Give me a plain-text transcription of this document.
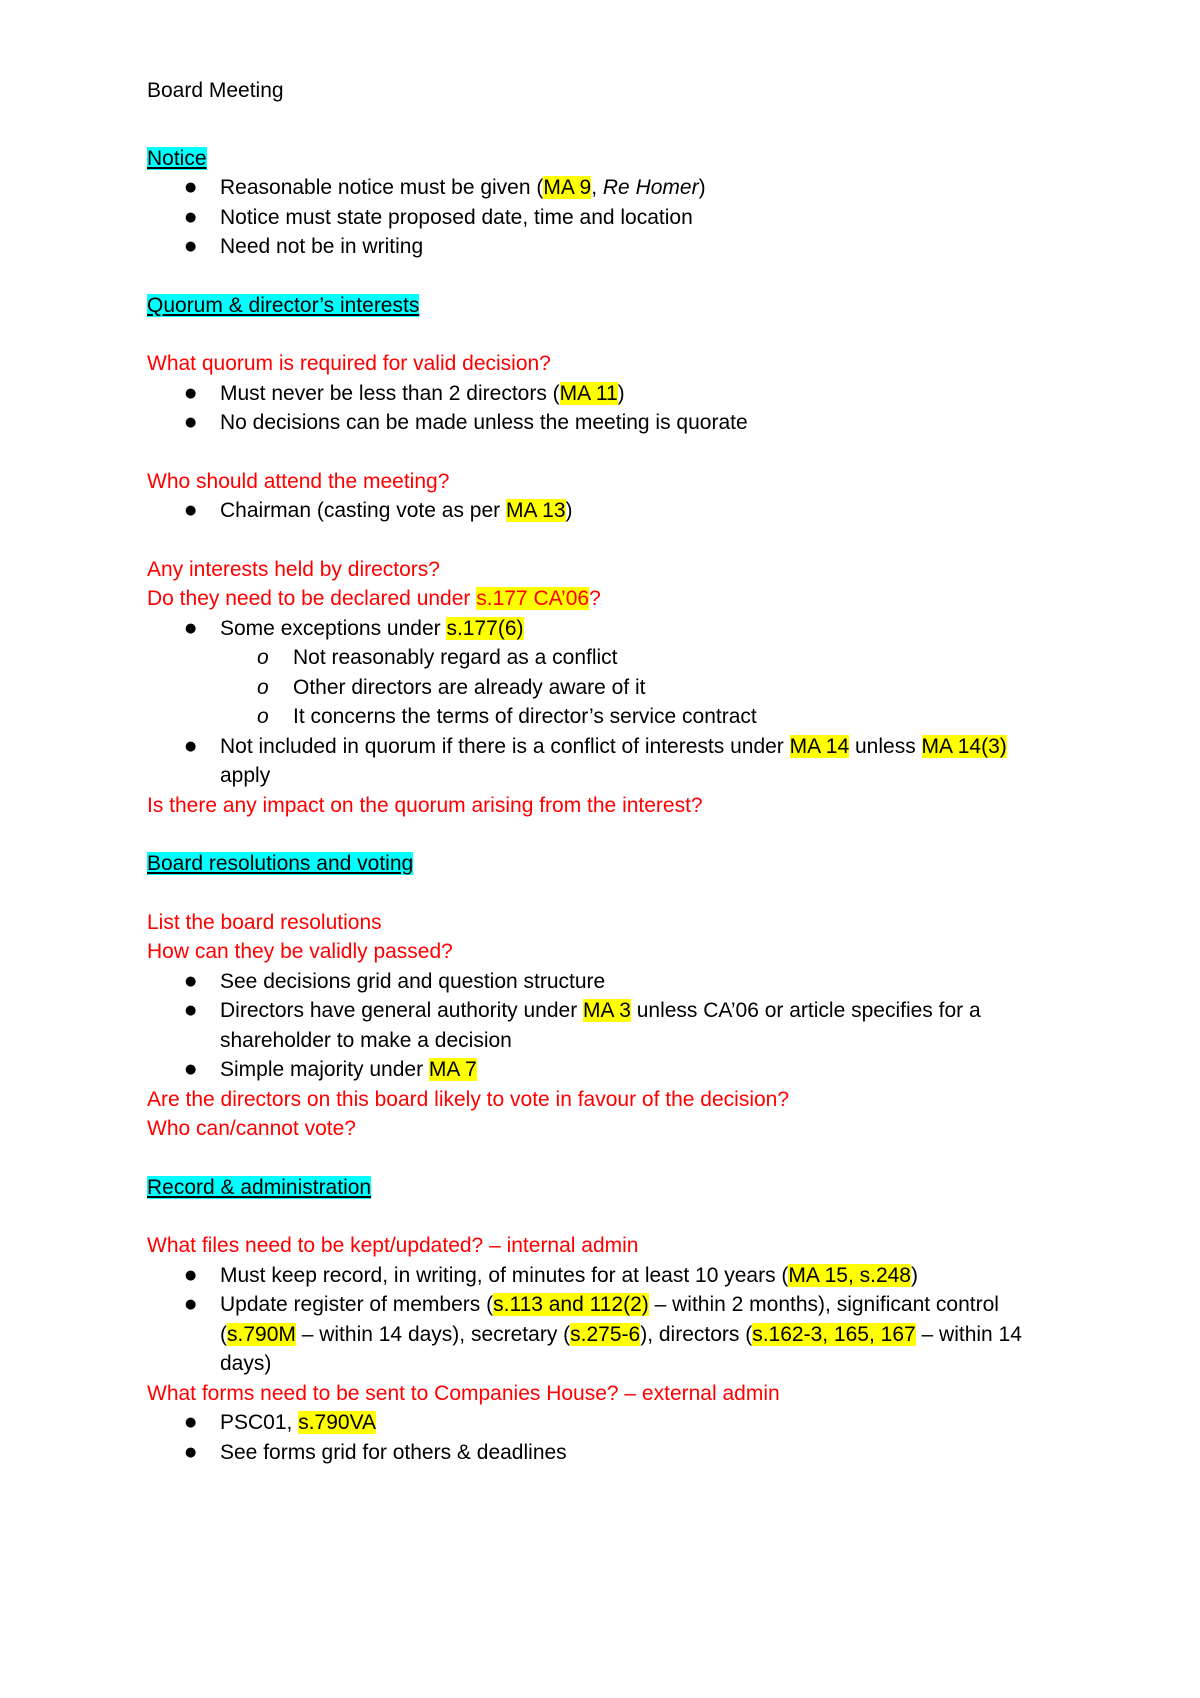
Board Meeting

Notice

● Reasonable notice must be given (MA 9, Re Homer)
● Notice must state proposed date, time and location
● Need not be in writing

Quorum & director’s interests

What quorum is required for valid decision?

● Must never be less than 2 directors (MA 11)
● No decisions can be made unless the meeting is quorate

Who should attend the meeting?

● Chairman (casting vote as per MA 13)

Any interests held by directors?

Do they need to be declared under s.177 CA’06?

● Some exceptions under s.177(6)
o Not reasonably regard as a conflict
o Other directors are already aware of it
o It concerns the terms of director’s service contract
● Not included in quorum if there is a conflict of interests under MA 14 unless MA 14(3) apply

Is there any impact on the quorum arising from the interest?

Board resolutions and voting

List the board resolutions

How can they be validly passed?

● See decisions grid and question structure
● Directors have general authority under MA 3 unless CA’06 or article specifies for a shareholder to make a decision
● Simple majority under MA 7

Are the directors on this board likely to vote in favour of the decision?

Who can/cannot vote?

Record & administration

What files need to be kept/updated? – internal admin

● Must keep record, in writing, of minutes for at least 10 years (MA 15, s.248)
● Update register of members (s.113 and 112(2) – within 2 months), significant control (s.790M – within 14 days), secretary (s.275-6), directors (s.162-3, 165, 167 – within 14 days)

What forms need to be sent to Companies House? – external admin

● PSC01, s.790VA
● See forms grid for others & deadlines
